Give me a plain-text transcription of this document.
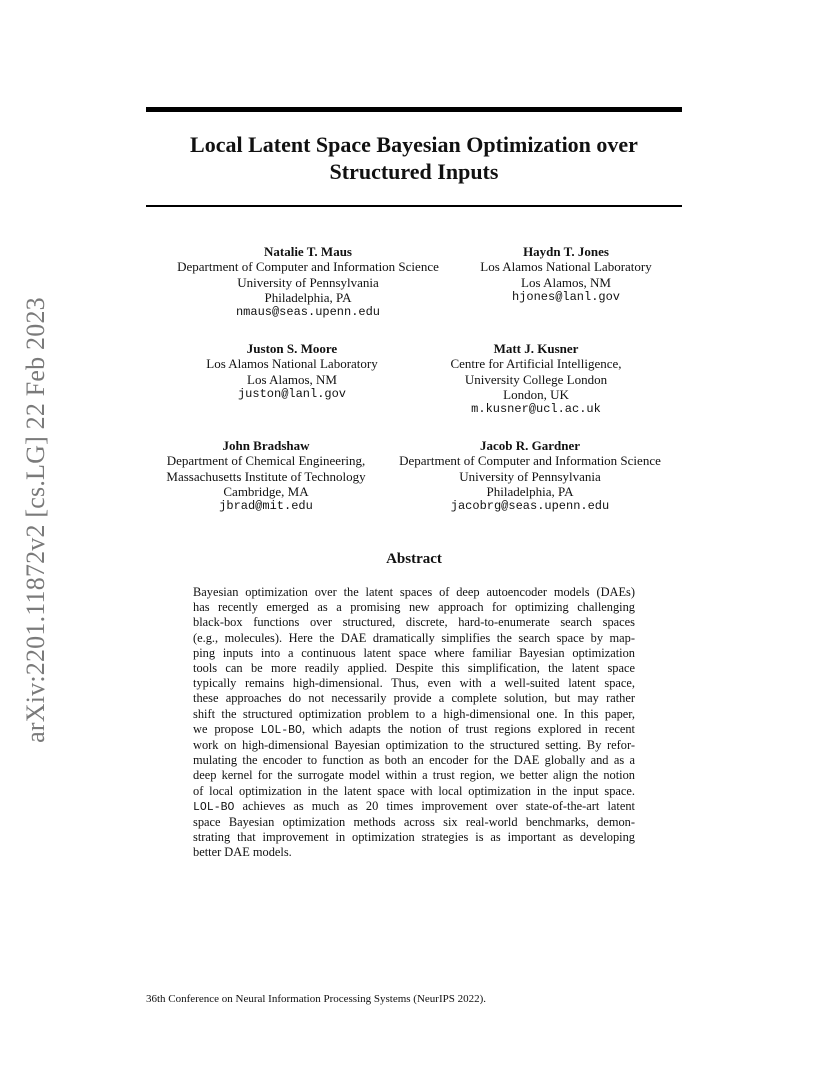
arXiv:2201.11872v2 [cs.LG] 22 Feb 2023
Local Latent Space Bayesian Optimization over
Structured Inputs
Natalie T. Maus
Department of Computer and Information Science
University of Pennsylvania
Philadelphia, PA
nmaus@seas.upenn.edu
Haydn T. Jones
Los Alamos National Laboratory
Los Alamos, NM
hjones@lanl.gov
Juston S. Moore
Los Alamos National Laboratory
Los Alamos, NM
juston@lanl.gov
Matt J. Kusner
Centre for Artificial Intelligence,
University College London
London, UK
m.kusner@ucl.ac.uk
John Bradshaw
Department of Chemical Engineering,
Massachusetts Institute of Technology
Cambridge, MA
jbrad@mit.edu
Jacob R. Gardner
Department of Computer and Information Science
University of Pennsylvania
Philadelphia, PA
jacobrg@seas.upenn.edu
Abstract
Bayesian optimization over the latent spaces of deep autoencoder models (DAEs)
has recently emerged as a promising new approach for optimizing challenging
black-box functions over structured, discrete, hard-to-enumerate search spaces
(e.g., molecules). Here the DAE dramatically simplifies the search space by map-
ping inputs into a continuous latent space where familiar Bayesian optimization
tools can be more readily applied. Despite this simplification, the latent space
typically remains high-dimensional. Thus, even with a well-suited latent space,
these approaches do not necessarily provide a complete solution, but may rather
shift the structured optimization problem to a high-dimensional one. In this paper,
we propose LOL-BO, which adapts the notion of trust regions explored in recent
work on high-dimensional Bayesian optimization to the structured setting. By refor-
mulating the encoder to function as both an encoder for the DAE globally and as a
deep kernel for the surrogate model within a trust region, we better align the notion
of local optimization in the latent space with local optimization in the input space.
LOL-BO achieves as much as 20 times improvement over state-of-the-art latent
space Bayesian optimization methods across six real-world benchmarks, demon-
strating that improvement in optimization strategies is as important as developing
better DAE models.
36th Conference on Neural Information Processing Systems (NeurIPS 2022).
